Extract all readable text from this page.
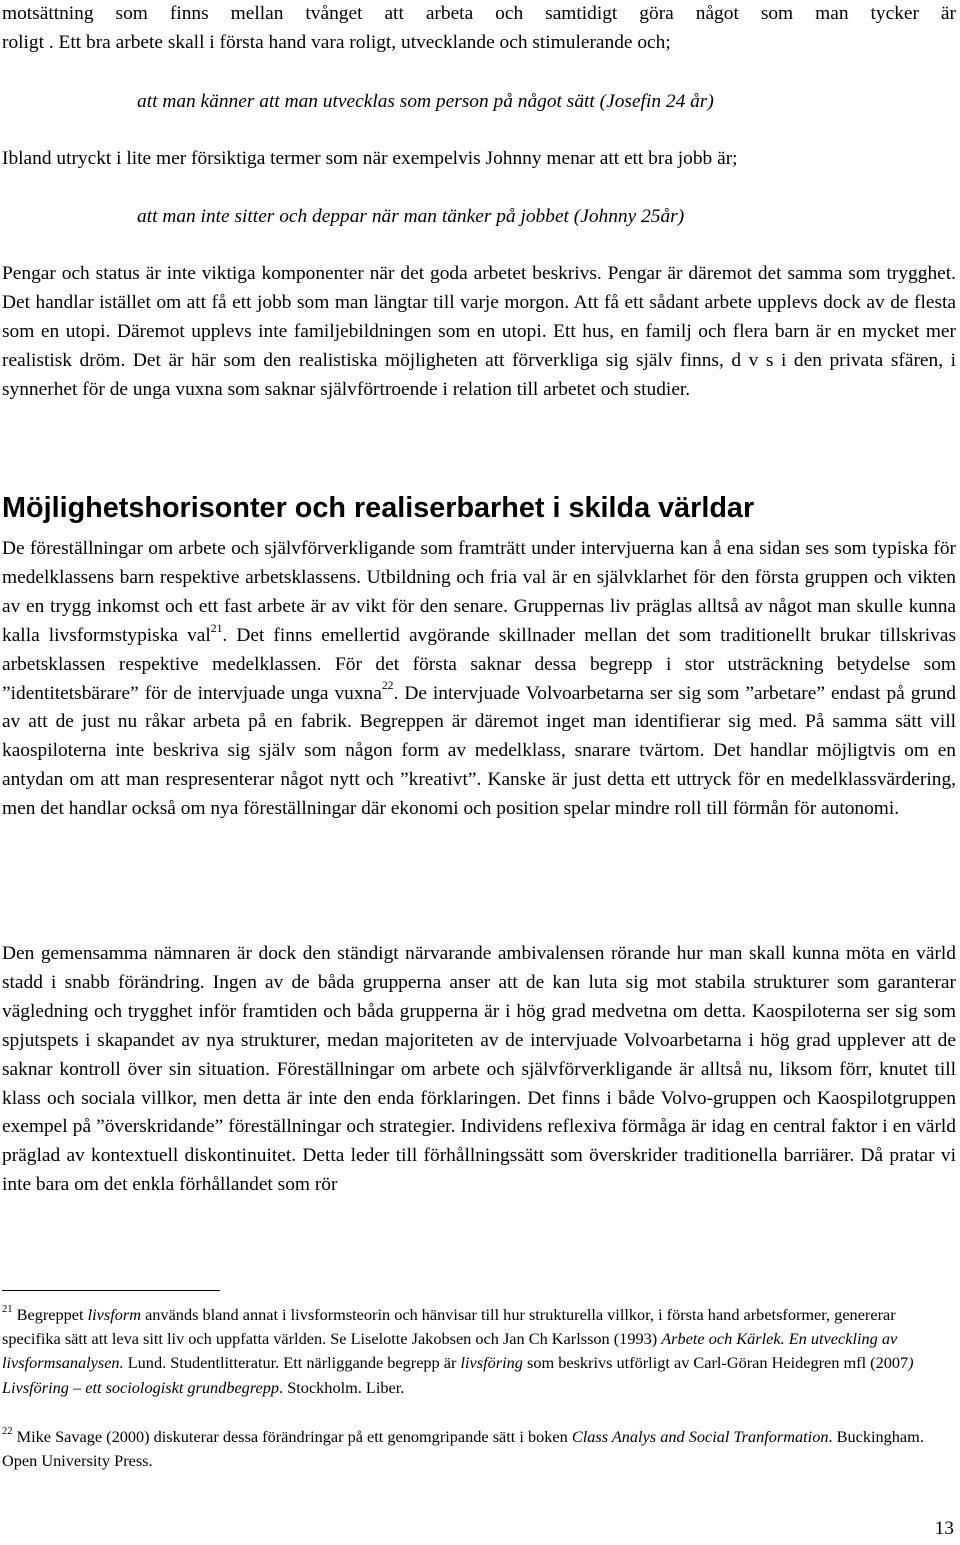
motsättning som finns mellan tvånget att arbeta och samtidigt göra något som man tycker är

roligt . Ett bra arbete skall i första hand vara roligt, utvecklande och stimulerande och;

att man känner att man utvecklas som person på något sätt (Josefin 24 år)

Ibland utryckt i lite mer försiktiga termer som när exempelvis Johnny menar att ett bra jobb är;

att man inte sitter och deppar när man tänker på jobbet (Johnny 25år)

Pengar och status är inte viktiga komponenter när det goda arbetet beskrivs. Pengar är däremot det samma som trygghet. Det handlar istället om att få ett jobb som man längtar till varje morgon. Att få ett sådant arbete upplevs dock av de flesta som en utopi. Däremot upplevs inte familjebildningen som en utopi. Ett hus, en familj och flera barn är en mycket mer realistisk dröm. Det är här som den realistiska möjligheten att förverkliga sig själv finns, d v s i den privata sfären, i synnerhet för de unga vuxna som saknar självförtroende i relation till arbetet och studier.

Möjlighetshorisonter och realiserbarhet i skilda världar

De föreställningar om arbete och självförverkligande som framträtt under intervjuerna kan å ena sidan ses som typiska för medelklassens barn respektive arbetsklassens. Utbildning och fria val är en självklarhet för den första gruppen och vikten av en trygg inkomst och ett fast arbete är av vikt för den senare. Gruppernas liv präglas alltså av något man skulle kunna kalla livsformstypiska val$^{21}$. Det finns emellertid avgörande skillnader mellan det som traditionellt brukar tillskrivas arbetsklassen respektive medelklassen. För det första saknar dessa begrepp i stor utsträckning betydelse som ”identitetsbärare” för de intervjuade unga vuxna$^{22}$. De intervjuade Volvoarbetarna ser sig som ”arbetare” endast på grund av att de just nu råkar arbeta på en fabrik. Begreppen är däremot inget man identifierar sig med. På samma sätt vill kaospiloterna inte beskriva sig själv som någon form av medelklass, snarare tvärtom. Det handlar möjligtvis om en antydan om att man respresenterar något nytt och ”kreativt”. Kanske är just detta ett uttryck för en medelklassvärdering, men det handlar också om nya föreställningar där ekonomi och position spelar mindre roll till förmån för autonomi.

Den gemensamma nämnaren är dock den ständigt närvarande ambivalensen rörande hur man skall kunna möta en värld stadd i snabb förändring. Ingen av de båda grupperna anser att de kan luta sig mot stabila strukturer som garanterar vägledning och trygghet inför framtiden och båda grupperna är i hög grad medvetna om detta. Kaospiloterna ser sig som spjutspets i skapandet av nya strukturer, medan majoriteten av de intervjuade Volvoarbetarna i hög grad upplever att de saknar kontroll över sin situation. Föreställningar om arbete och självförverkligande är alltså nu, liksom förr, knutet till klass och sociala villkor, men detta är inte den enda förklaringen. Det finns i både Volvo-gruppen och Kaospilotgruppen exempel på ”överskridande” föreställningar och strategier. Individens reflexiva förmåga är idag en central faktor i en värld präglad av kontextuell diskontinuitet. Detta leder till förhållningssätt som överskrider traditionella barriärer. Då pratar vi inte bara om det enkla förhållandet som rör

$^{21}$ Begreppet livsform används bland annat i livsformsteorin och hänvisar till hur strukturella villkor, i första hand arbetsformer, genererar specifika sätt att leva sitt liv och uppfatta världen. Se Liselotte Jakobsen och Jan Ch Karlsson (1993) Arbete och Kärlek. En utveckling av livsformsanalysen. Lund. Studentlitteratur. Ett närliggande begrepp är livsföring som beskrivs utförligt av Carl-Göran Heidegren mfl (2007) Livsföring – ett sociologiskt grundbegrepp. Stockholm. Liber.

$^{22}$ Mike Savage (2000) diskuterar dessa förändringar på ett genomgripande sätt i boken Class Analys and Social Tranformation. Buckingham. Open University Press.

13
